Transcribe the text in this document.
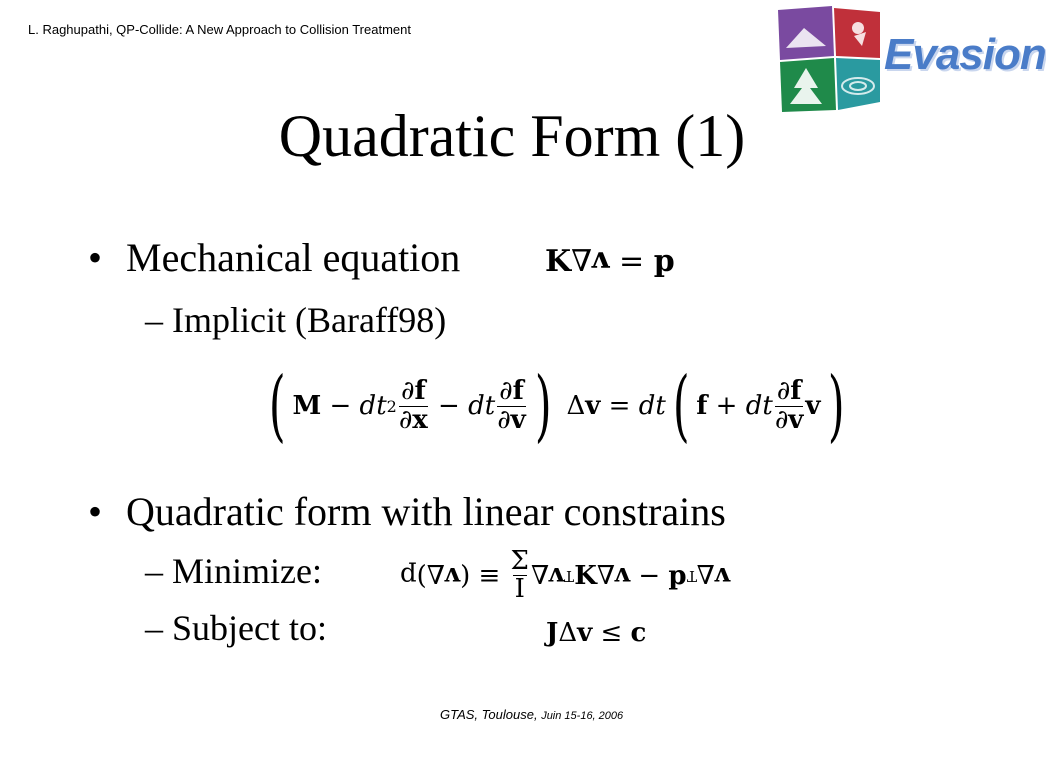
L. Raghupathi, QP-Collide: A New Approach to Collision Treatment
Evasion
Quadratic Form (1)
• Mechanical equation	K∇v = p
– Implicit (Baraff98)
( M − dt $2 \frac{\partial f}{\partial x}$ − dt $\frac{\partial f}{\partial v}$ ) Δ v = dt ( f + dt $\frac{\partial f}{\partial v}$ v )
• Quadratic form with linear constrains
– Minimize:
– Subject to:
p (∇ v ) ≡ $\frac{\Sigma}{I}$ ∇ v T K ∇ v − p T ∇ v
JΔv ≤ c
GTAS, Toulouse, Juin 15-16, 2006
